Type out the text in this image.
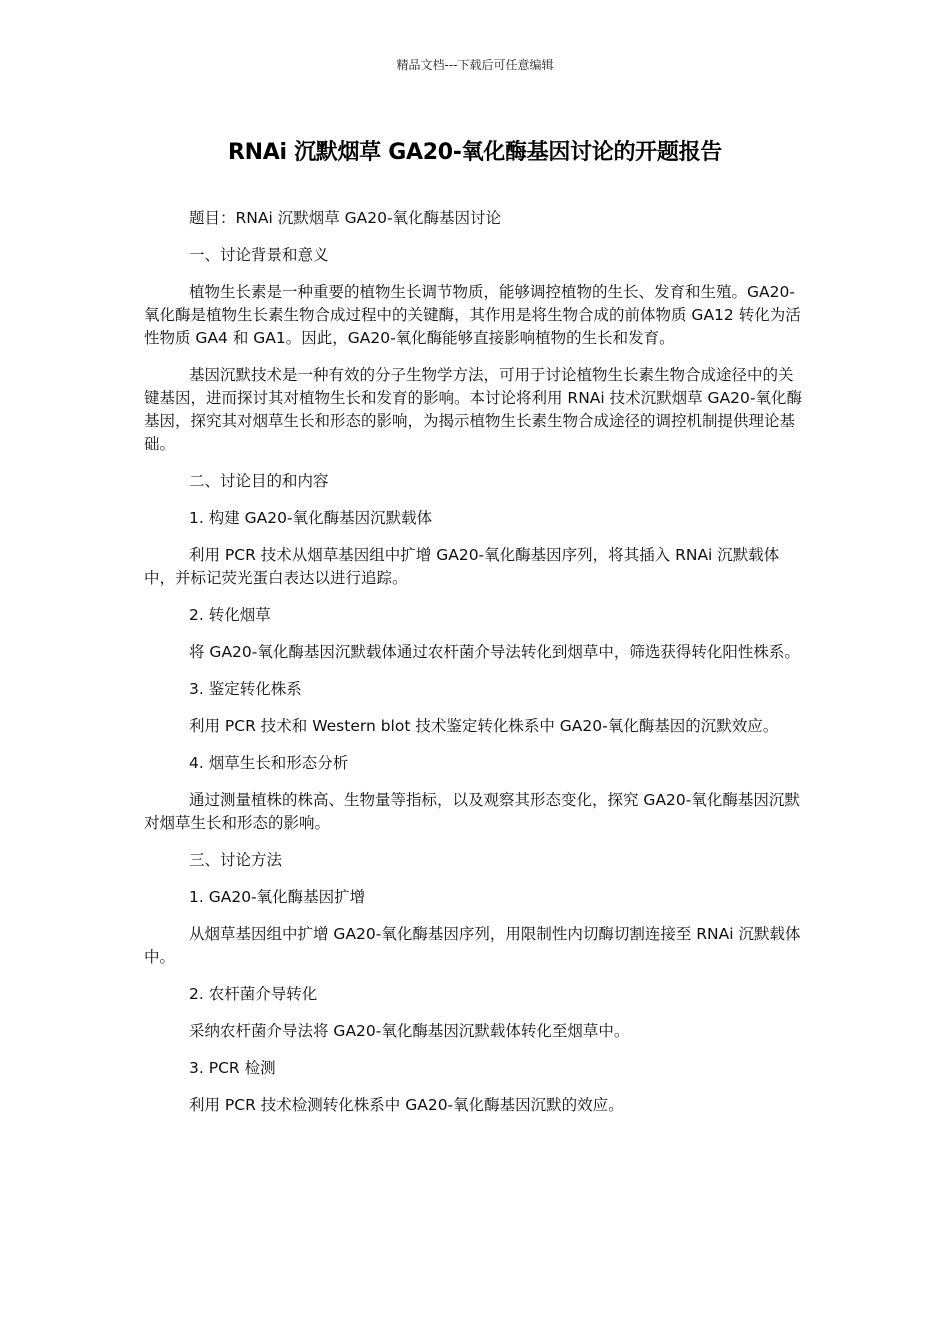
精品文档---下载后可任意编辑
RNAi 沉默烟草 GA20-氧化酶基因讨论的开题报告

题目：RNAi 沉默烟草 GA20-氧化酶基因讨论

一、讨论背景和意义

植物生长素是一种重要的植物生长调节物质，能够调控植物的生长、发育和生殖。GA20-氧化酶是植物生长素生物合成过程中的关键酶，其作用是将生物合成的前体物质 GA12 转化为活性物质 GA4 和 GA1。因此，GA20-氧化酶能够直接影响植物的生长和发育。

基因沉默技术是一种有效的分子生物学方法，可用于讨论植物生长素生物合成途径中的关键基因，进而探讨其对植物生长和发育的影响。本讨论将利用 RNAi 技术沉默烟草 GA20-氧化酶基因，探究其对烟草生长和形态的影响，为揭示植物生长素生物合成途径的调控机制提供理论基础。

二、讨论目的和内容

1. 构建 GA20-氧化酶基因沉默载体

利用 PCR 技术从烟草基因组中扩增 GA20-氧化酶基因序列，将其插入 RNAi 沉默载体中，并标记荧光蛋白表达以进行追踪。

2. 转化烟草

将 GA20-氧化酶基因沉默载体通过农杆菌介导法转化到烟草中，筛选获得转化阳性株系。

3. 鉴定转化株系

利用 PCR 技术和 Western blot 技术鉴定转化株系中 GA20-氧化酶基因的沉默效应。

4. 烟草生长和形态分析

通过测量植株的株高、生物量等指标，以及观察其形态变化，探究 GA20-氧化酶基因沉默对烟草生长和形态的影响。

三、讨论方法

1. GA20-氧化酶基因扩增

从烟草基因组中扩增 GA20-氧化酶基因序列，用限制性内切酶切割连接至 RNAi 沉默载体中。

2. 农杆菌介导转化

采纳农杆菌介导法将 GA20-氧化酶基因沉默载体转化至烟草中。

3. PCR 检测

利用 PCR 技术检测转化株系中 GA20-氧化酶基因沉默的效应。
